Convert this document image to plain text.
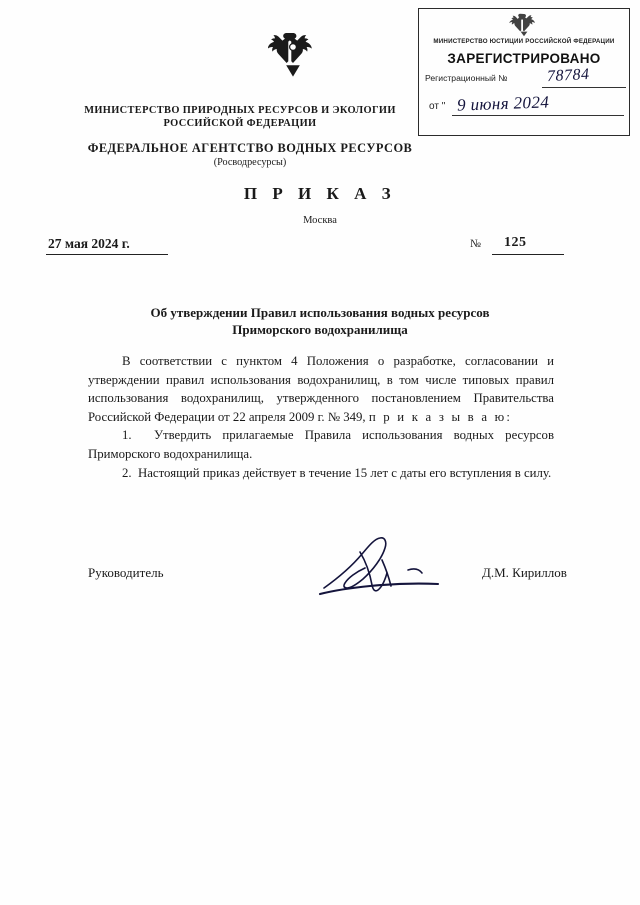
МИНИСТЕРСТВО ЮСТИЦИИ РОССИЙСКОЙ ФЕДЕРАЦИИ
ЗАРЕГИСТРИРОВАНО
Регистрационный № 78784
от " 9 июня 2024
МИНИСТЕРСТВО ПРИРОДНЫХ РЕСУРСОВ И ЭКОЛОГИИ
РОССИЙСКОЙ ФЕДЕРАЦИИ
ФЕДЕРАЛЬНОЕ АГЕНТСТВО ВОДНЫХ РЕСУРСОВ
(Росводресурсы)
П Р И К А З
Москва
27 мая 2024 г.	№ 125
Об утверждении Правил использования водных ресурсов
Приморского водохранилища

В соответствии с пунктом 4 Положения о разработке, согласовании и утверждении правил использования водохранилищ, в том числе типовых правил использования водохранилищ, утвержденного постановлением Правительства Российской Федерации от 22 апреля 2009 г. № 349, п р и к а з ы в а ю:

1. Утвердить прилагаемые Правила использования водных ресурсов Приморского водохранилища.

2. Настоящий приказ действует в течение 15 лет с даты его вступления в силу.

Руководитель	Д.М. Кириллов
